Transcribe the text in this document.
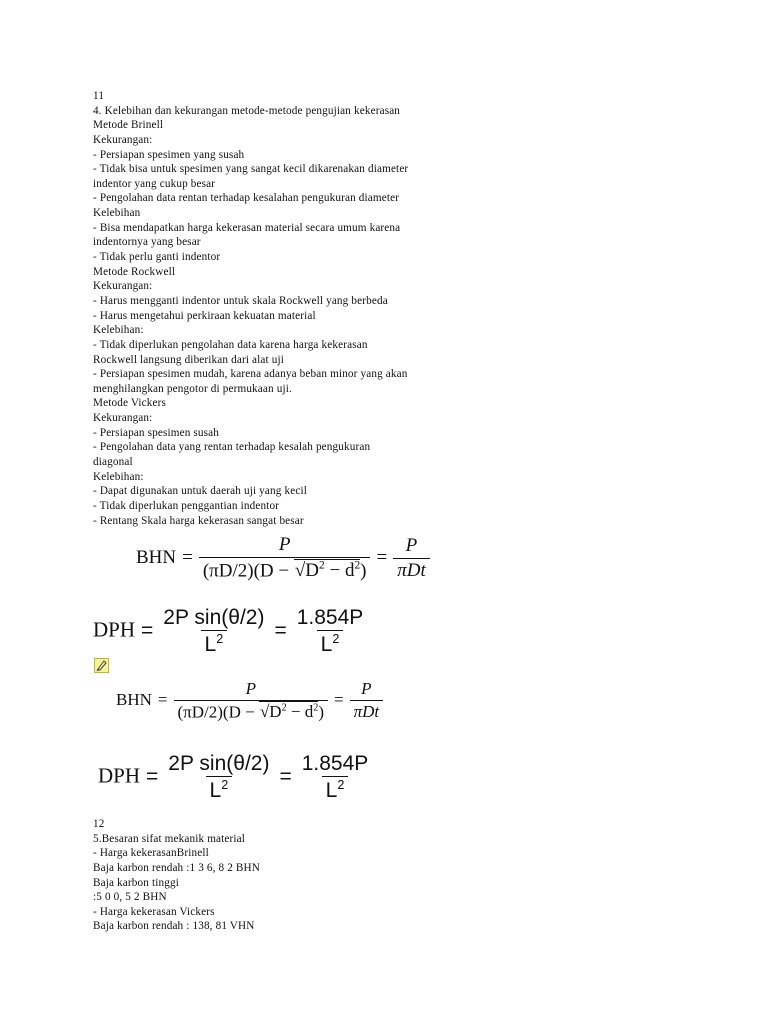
11
4. Kelebihan dan kekurangan metode-metode pengujian kekerasan
Metode Brinell
Kekurangan:
- Persiapan spesimen yang susah
- Tidak bisa untuk spesimen yang sangat kecil dikarenakan diameter
indentor yang cukup besar
- Pengolahan data rentan terhadap kesalahan pengukuran diameter
Kelebihan
- Bisa mendapatkan harga kekerasan material secara umum karena
indentornya yang besar
- Tidak perlu ganti indentor
Metode Rockwell
Kekurangan:
- Harus mengganti indentor untuk skala Rockwell yang berbeda
- Harus mengetahui perkiraan kekuatan material
Kelebihan:
- Tidak diperlukan pengolahan data karena harga kekerasan
Rockwell langsung diberikan dari alat uji
- Persiapan spesimen mudah, karena adanya beban minor yang akan
menghilangkan pengotor di permukaan uji.
Metode Vickers
Kekurangan:
- Persiapan spesimen susah
- Pengolahan data yang rentan terhadap kesalah pengukuran
diagonal
Kelebihan:
- Dapat digunakan untuk daerah uji yang kecil
- Tidak diperlukan penggantian indentor
- Rentang Skala harga kekerasan sangat besar
BHN = $\frac{P}{(\pi D/2)(D - √D^2 - d^2)} = \frac{P}{\text{πDt}}$
DPH = $\frac{\text{2P sin(θ/2)}}{L^2} = \frac{1.854P}{L^2}$
BHN = $\frac{P}{(\pi D/2)(D - √D^2 - d^2)} = \frac{P}{\text{πDt}}$
DPH = $\frac{\text{2P sin(θ/2)}}{L^2} = \frac{1.854P}{L^2}$
12
5.Besaran sifat mekanik material
- Harga kekerasanBrinell
Baja karbon rendah :1 3 6, 8 2 BHN
Baja karbon tinggi
:5 0 0, 5 2 BHN
- Harga kekerasan Vickers
Baja karbon rendah : 138, 81 VHN
